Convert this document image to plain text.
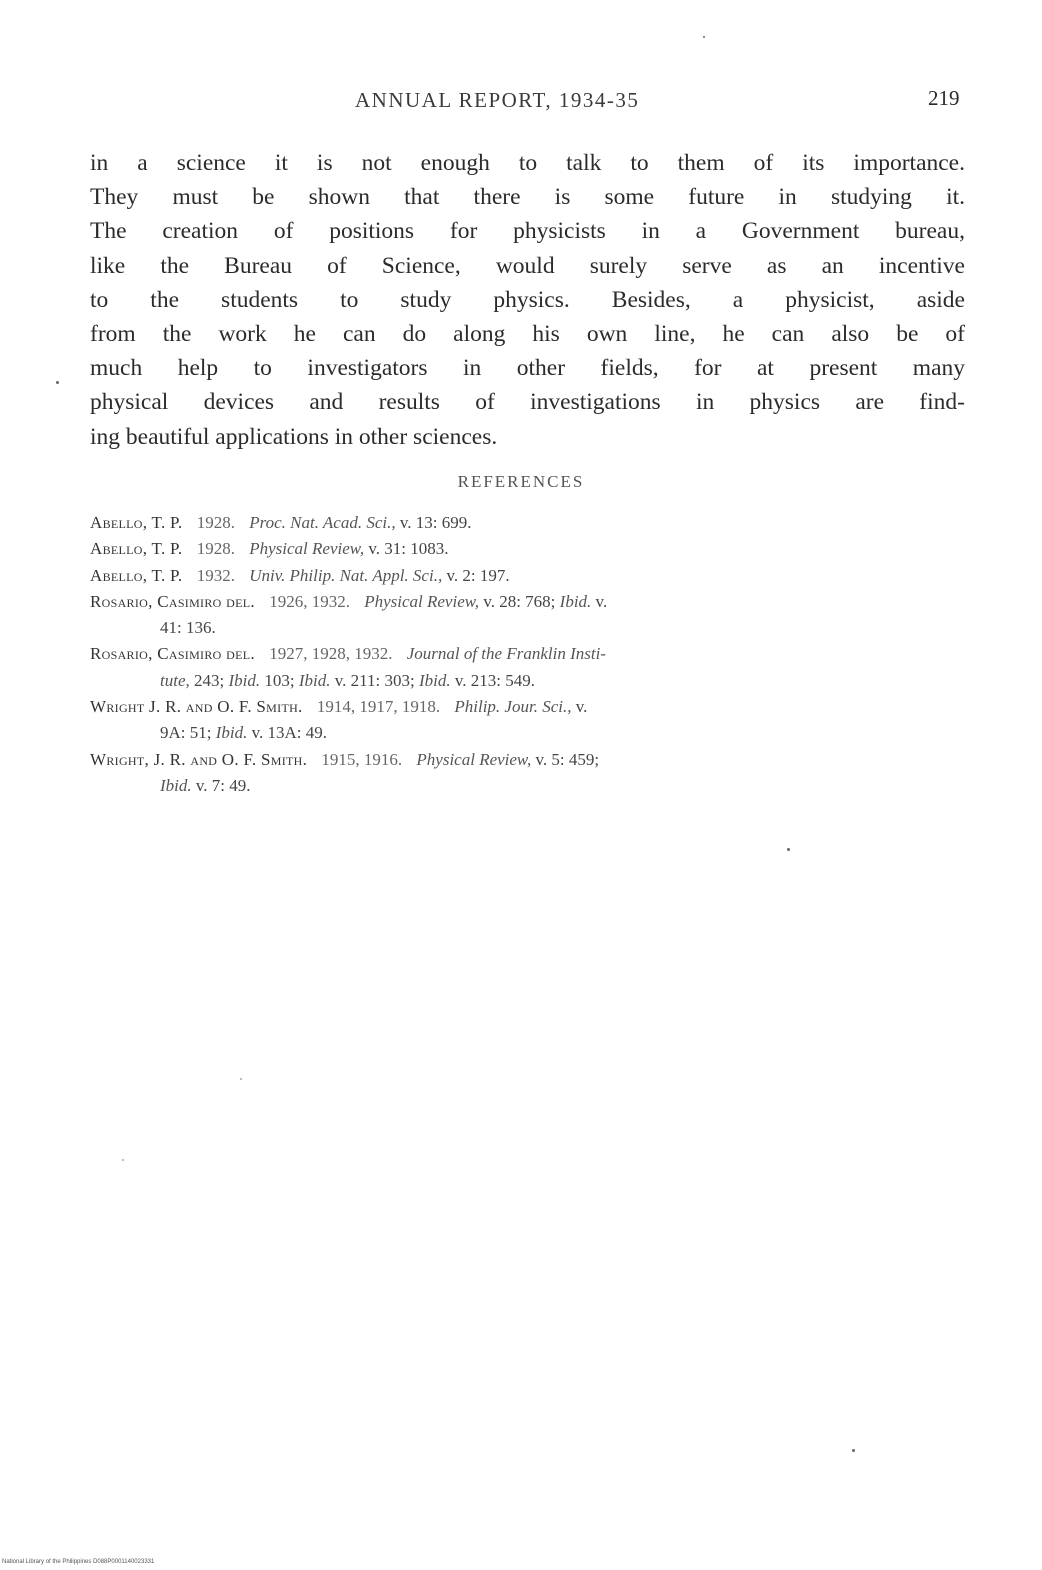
ANNUAL REPORT, 1934-35	219
in a science it is not enough to talk to them of its importance.
They must be shown that there is some future in studying it.
The creation of positions for physicists in a Government bureau,
like the Bureau of Science, would surely serve as an incentive
to the students to study physics. Besides, a physicist, aside
from the work he can do along his own line, he can also be of
much help to investigators in other fields, for at present many
physical devices and results of investigations in physics are find-
ing beautiful applications in other sciences.
REFERENCES
Abello, T. P. 1928. Proc. Nat. Acad. Sci., v. 13: 699.
Abello, T. P. 1928. Physical Review, v. 31: 1083.
Abello, T. P. 1932. Univ. Philip. Nat. Appl. Sci., v. 2: 197.
Rosario, Casimiro del. 1926, 1932. Physical Review, v. 28: 768; Ibid. v.
41: 136.
Rosario, Casimiro del. 1927, 1928, 1932. Journal of the Franklin Insti-
tute, 243; Ibid. 103; Ibid. v. 211: 303; Ibid. v. 213: 549.
Wright J. R. and O. F. Smith. 1914, 1917, 1918. Philip. Jour. Sci., v.
9A: 51; Ibid. v. 13A: 49.
Wright, J. R. and O. F. Smith. 1915, 1916. Physical Review, v. 5: 459;
Ibid. v. 7: 49.
National Library of the Philippines D088P0001140023331
